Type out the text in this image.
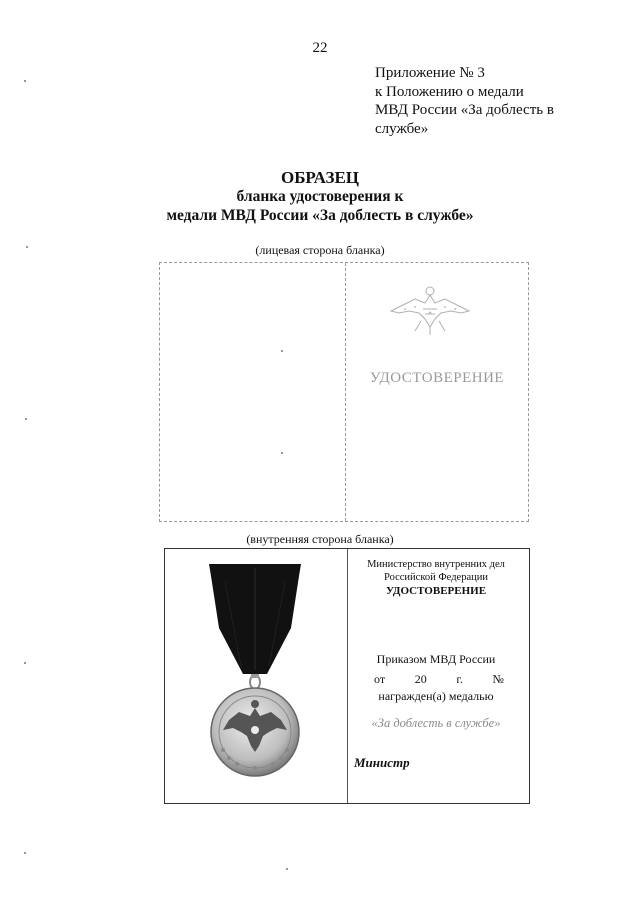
22
Приложение № 3
к Положению о медали
МВД России «За доблесть в
службе»
ОБРАЗЕЦ
бланка удостоверения к
медали МВД России «За доблесть в службе»
(лицевая сторона бланка)
УДОСТОВЕРЕНИЕ
(внутренняя сторона бланка)
Министерство внутренних дел
Российской Федерации
УДОСТОВЕРЕНИЕ
Приказом МВД России
от 20 г. №
награжден(а) медалью
«За доблесть в службе»
Министр
